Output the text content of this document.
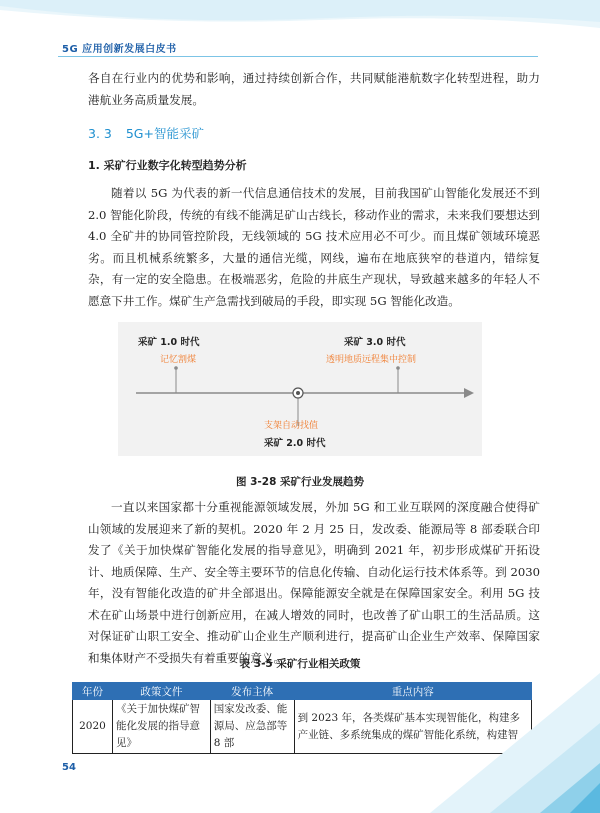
5G 应用创新发展白皮书

各自在行业内的优势和影响，通过持续创新合作，共同赋能港航数字化转型进程，助力港航业务高质量发展。

3. 3 5G+智能采矿
1. 采矿行业数字化转型趋势分析

随着以 5G 为代表的新一代信息通信技术的发展，目前我国矿山智能化发展还不到 2.0 智能化阶段，传统的有线不能满足矿山古线长，移动作业的需求，未来我们要想达到 4.0 全矿井的协同管控阶段，无线领域的 5G 技术应用必不可少。而且煤矿领域环境恶劣。而且机械系统繁多，大量的通信光缆，网线，遍布在地底狭窄的巷道内，错综复杂，有一定的安全隐患。在极端恶劣，危险的井底生产现状，导致越来越多的年轻人不愿意下井工作。煤矿生产急需找到破局的手段，即实现 5G 智能化改造。

采矿 1.0 时代
记忆割煤
采矿 3.0 时代
透明地质远程集中控制
支架自动找值
采矿 2.0 时代
图 3-28 采矿行业发展趋势

一直以来国家都十分重视能源领域发展，外加 5G 和工业互联网的深度融合使得矿山领域的发展迎来了新的契机。2020 年 2 月 25 日，发改委、能源局等 8 部委联合印发了《关于加快煤矿智能化发展的指导意见》，明确到 2021 年，初步形成煤矿开拓设计、地质保障、生产、安全等主要环节的信息化传输、自动化运行技术体系等。到 2030 年，没有智能化改造的矿井全部退出。保障能源安全就是在保障国家安全。利用 5G 技术在矿山场景中进行创新应用，在减人增效的同时，也改善了矿山职工的生活品质。这对保证矿山职工安全、推动矿山企业生产顺利进行，提高矿山企业生产效率、保障国家和集体财产不受损失有着重要的意义。

表 3-5 采矿行业相关政策
年份	政策文件	发布主体	重点内容
2020	《关于加快煤矿智能化发展的指导意见》	国家发改委、能源局、应急部等 8 部	到 2023 年，各类煤矿基本实现智能化，构建多产业链、多系统集成的煤矿智能化系统，构建智
54
